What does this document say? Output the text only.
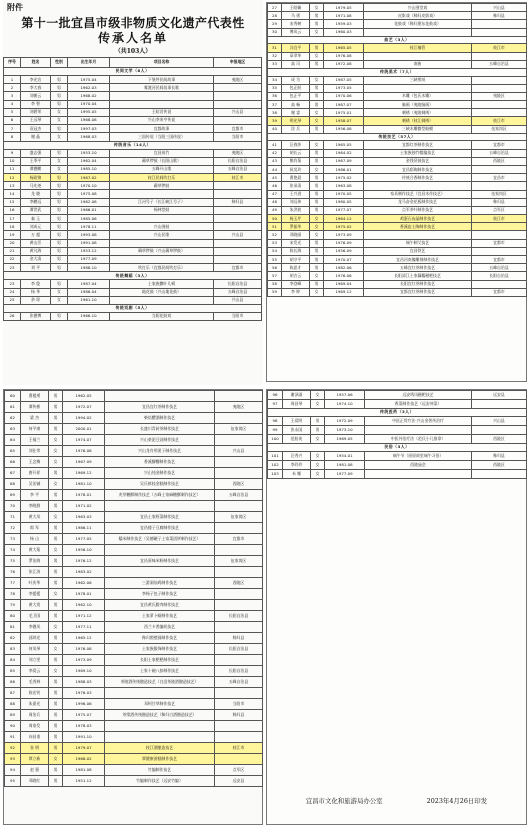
附件
第十一批宜昌市级非物质文化遗产代表性
传承人名单
（共103人）
序号	姓名	性别	出生年月	项目名称	申报地区
民间文学（8人）					
1	李光宣	男	1975.04	下堡坪民间故事	夷陵区
2	李大春	男	1962.03	雾渡河民间叙事长歌	
3	刘朝云	男	1968.02		
4	李 智	男	1970.04		
5	刘碧荣	女	1995.05	王昭君传说	兴山县
6	王远琴	女	1968.08	兴山李来亨传说	
7	袁冠杰	男	1997.03	宜都故事	宜都市
8	谢 晶	女	1968.03	三国传说（当阳三国传说）	当阳市
传统音乐（14人）					
9	盛志强	男	1953.10	宜昌丝竹	夷陵区
10	王季平	女	1962.04	薅草锣鼓（长阳山歌）	长阳自治县
11	谭德鹏	女	1985.10	五峰开山歌	五峰自治县
12	杨政锦	男	1967.02	枝江民间吹打乐	枝江市
13	马先尧	男	1970.10	薅草锣鼓	
14	龙 晓	男	1975.08		
15	李鹏远	男	1962.08	江河号子（长江峡江号子）	秭归县
16	谭世武	男	1966.01	杨林堂鼓	
17	秦 玉	男	1985.06		
18	刘成元	男	1978.11	兴山围鼓	
19	万 超	男	1993.08	兴山民歌	兴山县
20	黄山臣	男	1991.08		
21	黄凡海	男	1953.12	薅草锣鼓（兴山薅草锣鼓）	
22	金大清	男	1977.09		
23	刘 平	男	1988.10	吹打乐（宜都民间吹打乐）	宜都市
传统舞蹈（3人）					
23	李 俊	男	1987.04	土家族撒叶儿嗬	长阳自治县
24	杨 华	女	1986.04	地花鼓（兴山地花鼓）	五峰自治县
25	余 琼	女	1961.10		兴山县
传统戏剧（5人）					
26	张德博	男	1966.10	当阳花鼓戏	当阳市
27	王昭娴	女	1979.05	兴山围堂戏	兴山县
28	马 勇	男	1971.08	皮影戏（秭归皮影戏）	秭归县
29	宋秀树	男	1959.03	花鼓戏（秭归建东花鼓戏）	
30	傅凤云	女	1960.03		
曲艺（3人）					
31	冯宜平	男	1965.05	枝江楠管	枝江市
32	章翠华	女	1976.08		
33	高 司	男	1972.08	南曲	五峰自治县
传统美术（7人）					
34	成 为	女	1987.05	三峡剪纸	
35	包正跃	男	1973.05		
36	包正平	男	1970.06	木雕（包氏木雕）	夷陵区
37	高 畅	男	1987.07	脑画（夷陵脑画）	
38	谢 睿	女	1975.01	刺绣（夷陵刺绣）	
39	明光琴	女	1958.07	刺绣（枝江刺绣）	枝江市
40	涂 兵	男	1956.08	三峡木雕微型船模	伍家岗区
传统技艺（57人）					
41	汪春莎	女	1965.05	宜都红茶制作技艺	宜都市
42	胡长云	男	1964.02	土家族独竹帽编技艺	五峰自治县
43	熊有菊	男	1967.09	金钱吊鼓技艺	西陵区
44	侯昊玲	女	1986.01	宜昌彩陶制作技艺	
45	曹艳晨	男	1975.02	传统合香制作技艺	宜昌市
46	张承清	男	1963.08		
47	王兴进	男	1970.05	家具制作技艺（宜昌木作技艺）	伍家岗区
48	刘远伟	男	1980.05	龙马奋金花板制作技艺	秭归县
49	朱洪波	男	1977.07	点军茶叶制作技艺	点军区
50	杨玉芹	女	1964.12	鸡蛋石齿晶制作技艺	枝江市
51	罗振华	女	1975.02	香溪窑土陶制作技艺	
52	邓晓丽	女	1973.09		
53	宋发光	男	1976.09	端午制艾技艺	宜都市
54	陈长海	男	1956.09	宜昌铁艺	
55	胡守平	男	1970.07	宜昌河南傻雕刻制作技艺	宜都市
56	陈思才	男	1982.06	五峰宜红茶制作技艺	五峰自治县
57	胡吉云	女	1976.06	长阳清江土家藕糯糍粑技艺	长阳自治县
58	李登峰	男	1969.04	长阳宜红茶制作技艺	
59	李 婷	女	1969.12	宜都宜红茶制作技艺	宜都市
60	曹楼勇	男	1962.05		
61	谭传彬	男	1972.07	宜昌宜红茶制作技艺	夷陵区
62	梁 杰	男	1994.02	柴焙醴酒制作技艺	
63	何平康	男	2000.01	长盛川青砖茶制作技艺	伍家岗区
64	王福兰	女	1974.07	兴山豪泥豆豉制作技艺	
65	刘仕荣	女	1976.06	兴山龙舟形团子制作技艺	兴山县
66	王念梅	女	1967.09	香溪醪糟制作技艺	
67	唐开祥	男	1969.12	兴山纯金制作技艺	
68	吴治铖	女	1981.10	吴氏鲜桂金糕制作技艺	西陵区
69	李 平	男	1978.01	麦芽糖酥制作技艺（五峰土家麻糖酥制作技艺）	五峰自治县
70	李晓群	男	1971.02		
71	黄大凤	女	1963.03	宜昌土家野菜制作技艺	伍家岗区
72	郎 军	男	1986.11	宜昌楼子豆腐制作技艺	
73	杨 山	男	1977.05	糯米制作技艺（吴德碾子土家菜团饼制作技艺）	宜都市
74	黄大菊	女	1956.10		
75	罗治海	男	1976.12	宜昌原味米粉制作技艺	伍家岗区
76	张江涛	男	1983.02		
77	叶庆华	男	1962.06	三游洞仙鸡制作技艺	西陵区
78	李援援	女	1978.01	李杨子包子制作技艺	
79	黄大贵	男	1962.10	宜昌黄氏腊肉制作技艺	
80	毛卫国	男	1971.12	土家萝卜蛎制作技艺	长阳自治县
81	李德凤	女	1977.11	西兰卡普编织技艺	
82	邱邦光	男	1965.12	秭归照壁画制作技艺	秭归县
83	何凤琴	女	1976.08	土家族服饰制作技艺	长阳自治县
84	刘立雯	男	1973.09	长阳土家粑粑制作技艺	
85	李爱云	女	1969.10	土家十碗八扣制作技艺	长阳自治县
86	毛秀林	男	1988.03	茶陵酒传统酿造技艺（白沮茶陵酒酿造技艺）	五峰自治县
87	陈宏钊	男	1976.03		
88	朱嘉光	男	1996.06	邓柯甘草制作技艺	当阳市
89	周治兵	男	1975.07	茶缘酒传统酿造技艺（秭归白酒酿造技艺）	秭归县
90	周家发	男	1978.03		
91	向昌甫	男	1991.10		
92	张 明	男	1979.07	枝江酒酿造技艺	枝江市
93	覃立新	女	1966.02	覃健康蚕糕制作技艺	
94	赵 强	男	1981.08	竹编制作技艺	点军区
95	邓晓红	男	1951.12	竹编制作技艺（远安竹编）	远安县
96	谢泽淑	女	1957.06	远安鸣凤糍粑技艺	远安县
97	周昌琴	女	1974.10	香菜制作技艺（远安冲菜）	
传统医药（3人）					
98	王爱明	男	1972.09	中医正骨疗法·兴山金普传治疗	兴山县
99	张永国	男	1973.10		
100	范桂英	女	1969.05	中医外治疗法（范氏小儿推拿）	西陵区
民俗（3人）					
101	汪秀兴	女	1954.01	端午节（屈原故里端午习俗）	秭归县
102	李玲玲	女	1981.08	西陵庙会	西陵区
103	米 娜	女	1977.09		
宜昌市文化和旅游局办公室	2023年4月26日印发
